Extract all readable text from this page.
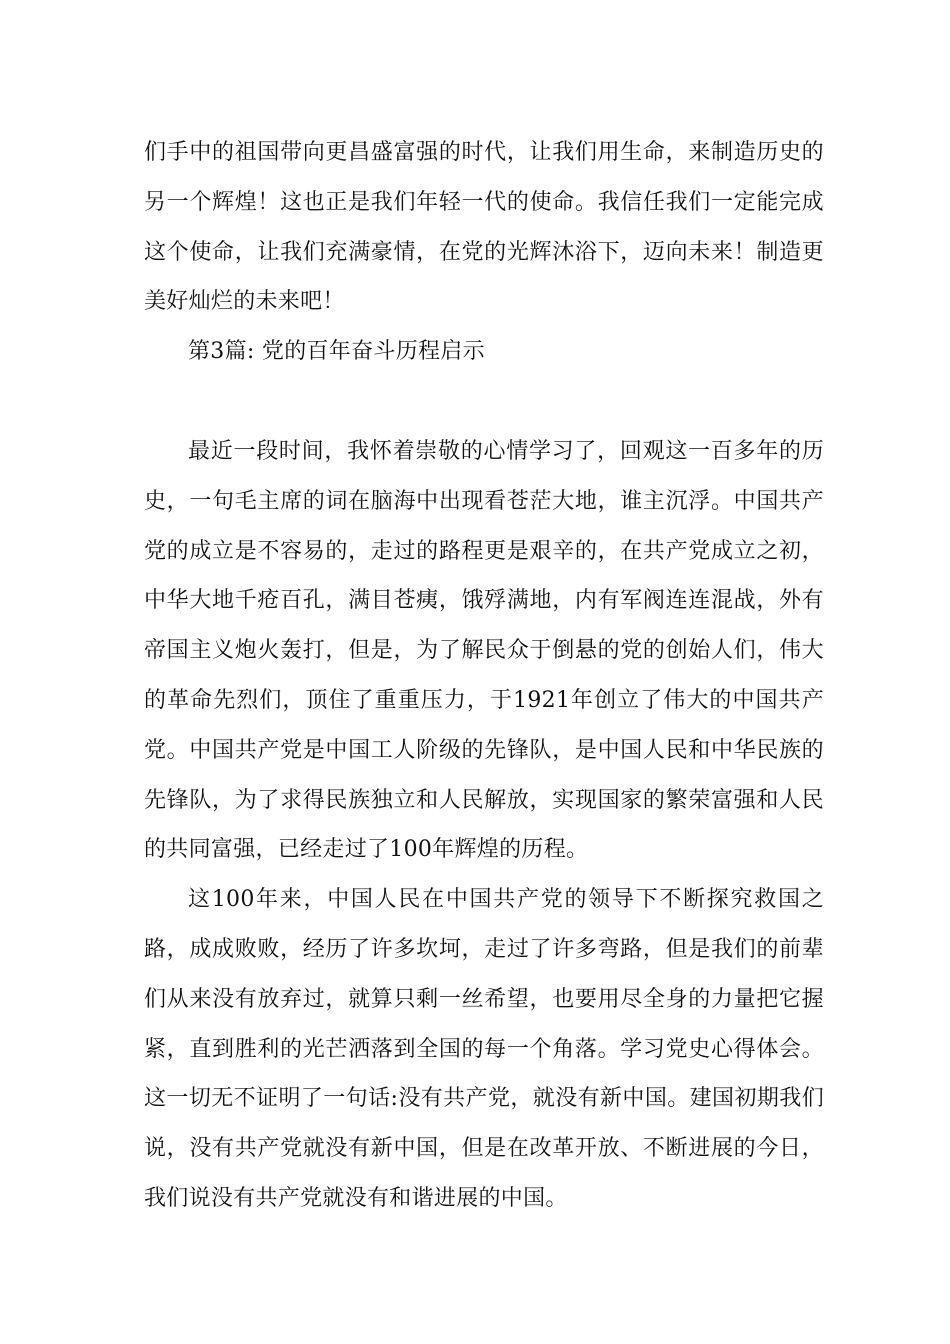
们手中的祖国带向更昌盛富强的时代，让我们用生命，来制造历史的另一个辉煌！这也正是我们年轻一代的使命。我信任我们一定能完成这个使命，让我们充满豪情，在党的光辉沐浴下，迈向未来！制造更美好灿烂的未来吧！

第3篇: 党的百年奋斗历程启示

最近一段时间，我怀着崇敬的心情学习了，回观这一百多年的历史，一句毛主席的词在脑海中出现看苍茫大地，谁主沉浮。中国共产党的成立是不容易的，走过的路程更是艰辛的，在共产党成立之初，中华大地千疮百孔，满目苍痍，饿殍满地，内有军阀连连混战，外有帝国主义炮火轰打，但是，为了解民众于倒悬的党的创始人们，伟大的革命先烈们，顶住了重重压力，于1921年创立了伟大的中国共产党。中国共产党是中国工人阶级的先锋队，是中国人民和中华民族的先锋队，为了求得民族独立和人民解放，实现国家的繁荣富强和人民的共同富强，已经走过了100年辉煌的历程。

这100年来，中国人民在中国共产党的领导下不断探究救国之路，成成败败，经历了许多坎坷，走过了许多弯路，但是我们的前辈们从来没有放弃过，就算只剩一丝希望，也要用尽全身的力量把它握紧，直到胜利的光芒洒落到全国的每一个角落。学习党史心得体会。这一切无不证明了一句话:没有共产党，就没有新中国。建国初期我们说，没有共产党就没有新中国，但是在改革开放、不断进展的今日，我们说没有共产党就没有和谐进展的中国。
